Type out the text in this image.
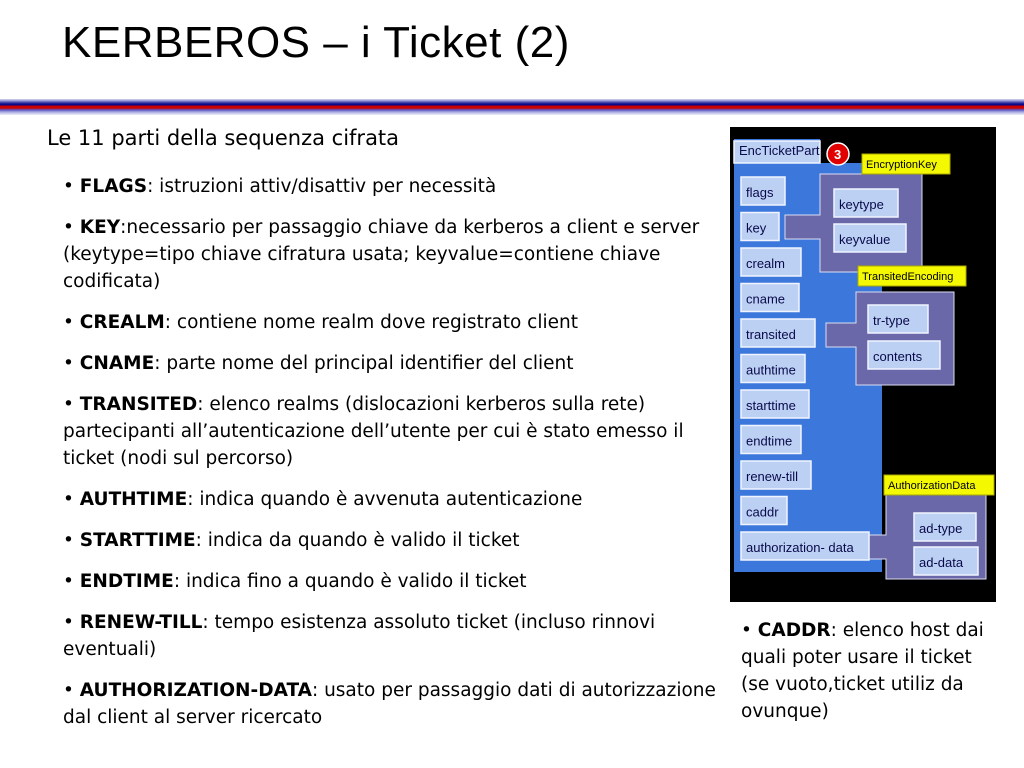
KERBEROS – i Ticket (2)
Le 11 parti della sequenza cifrata
• FLAGS: istruzioni attiv/disattiv per necessità
• KEY:necessario per passaggio chiave da kerberos a client e server (keytype=tipo chiave cifratura usata; keyvalue=contiene chiave codificata)
• CREALM: contiene nome realm dove registrato client
• CNAME: parte nome del principal identifier del client
• TRANSITED: elenco realms (dislocazioni kerberos sulla rete) partecipanti all’autenticazione dell’utente per cui è stato emesso il ticket (nodi sul percorso)
• AUTHTIME: indica quando è avvenuta autenticazione
• STARTTIME: indica da quando è valido il ticket
• ENDTIME: indica fino a quando è valido il ticket
• RENEW-TILL: tempo esistenza assoluto ticket (incluso rinnovi eventuali)
• AUTHORIZATION-DATA: usato per passaggio dati di autorizzazione dal client al server ricercato
EncTicketPart 3
flags
key
crealm
cname
transited
authtime
starttime
endtime
renew-till
caddr
authorization- data
EncryptionKey
keytype
keyvalue
TransitedEncoding
tr-type
contents
AuthorizationData
ad-type
ad-data
• CADDR: elenco host dai quali poter usare il ticket (se vuoto,ticket utiliz da ovunque)
